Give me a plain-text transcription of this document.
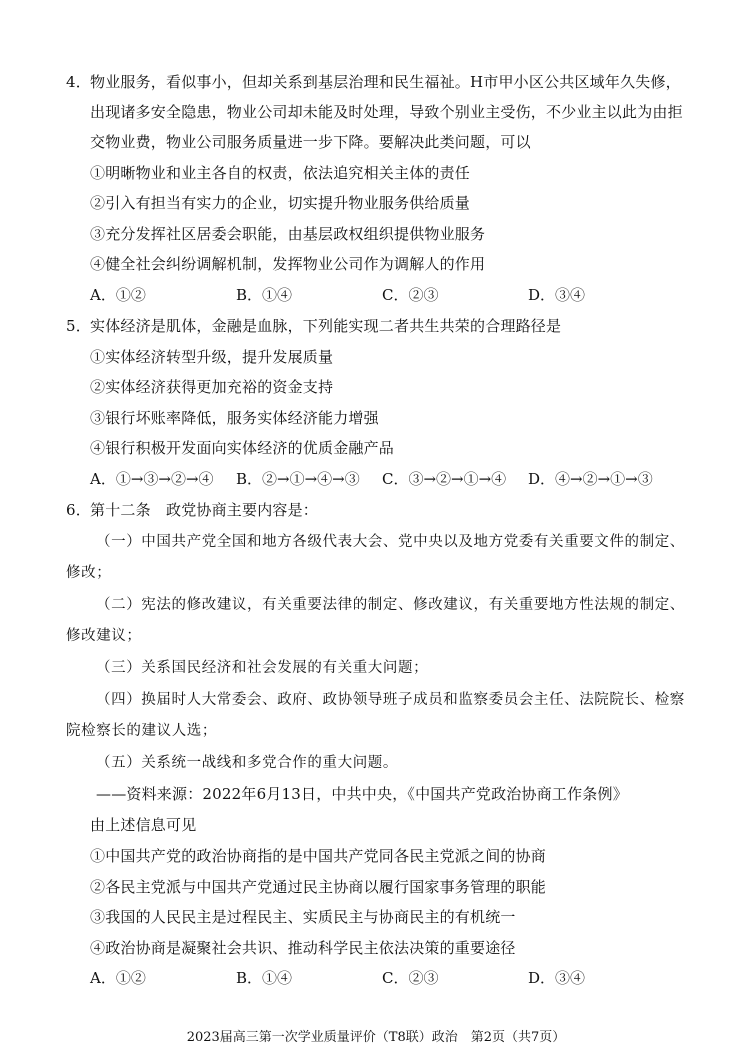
4． 物业服务，看似事小，但却关系到基层治理和民生福祉。H市甲小区公共区域年久失修，
出现诸多安全隐患，物业公司却未能及时处理，导致个别业主受伤，不少业主以此为由拒
交物业费，物业公司服务质量进一步下降。要解决此类问题，可以
①明晰物业和业主各自的权责，依法追究相关主体的责任
②引入有担当有实力的企业，切实提升物业服务供给质量
③充分发挥社区居委会职能，由基层政权组织提供物业服务
④健全社会纠纷调解机制，发挥物业公司作为调解人的作用
A．①②	B．①④	C．②③	D．③④
5． 实体经济是肌体，金融是血脉，下列能实现二者共生共荣的合理路径是
①实体经济转型升级，提升发展质量
②实体经济获得更加充裕的资金支持
③银行坏账率降低，服务实体经济能力增强
④银行积极开发面向实体经济的优质金融产品
A．①→③→②→④ B．②→①→④→③ C．③→②→①→④ D．④→②→①→③
6． 第十二条　政党协商主要内容是：
（一）中国共产党全国和地方各级代表大会、党中央以及地方党委有关重要文件的制定、
修改；
（二）宪法的修改建议，有关重要法律的制定、修改建议，有关重要地方性法规的制定、
修改建议；
（三）关系国民经济和社会发展的有关重大问题；
（四）换届时人大常委会、政府、政协领导班子成员和监察委员会主任、法院院长、检察
院检察长的建议人选；
（五）关系统一战线和多党合作的重大问题。
——资料来源：2022年6月13日，中共中央，《中国共产党政治协商工作条例》
由上述信息可见
①中国共产党的政治协商指的是中国共产党同各民主党派之间的协商
②各民主党派与中国共产党通过民主协商以履行国家事务管理的职能
③我国的人民民主是过程民主、实质民主与协商民主的有机统一
④政治协商是凝聚社会共识、推动科学民主依法决策的重要途径
A．①②	B．①④	C．②③	D．③④
2023届高三第一次学业质量评价（T8联）政治　第2页（共7页）
